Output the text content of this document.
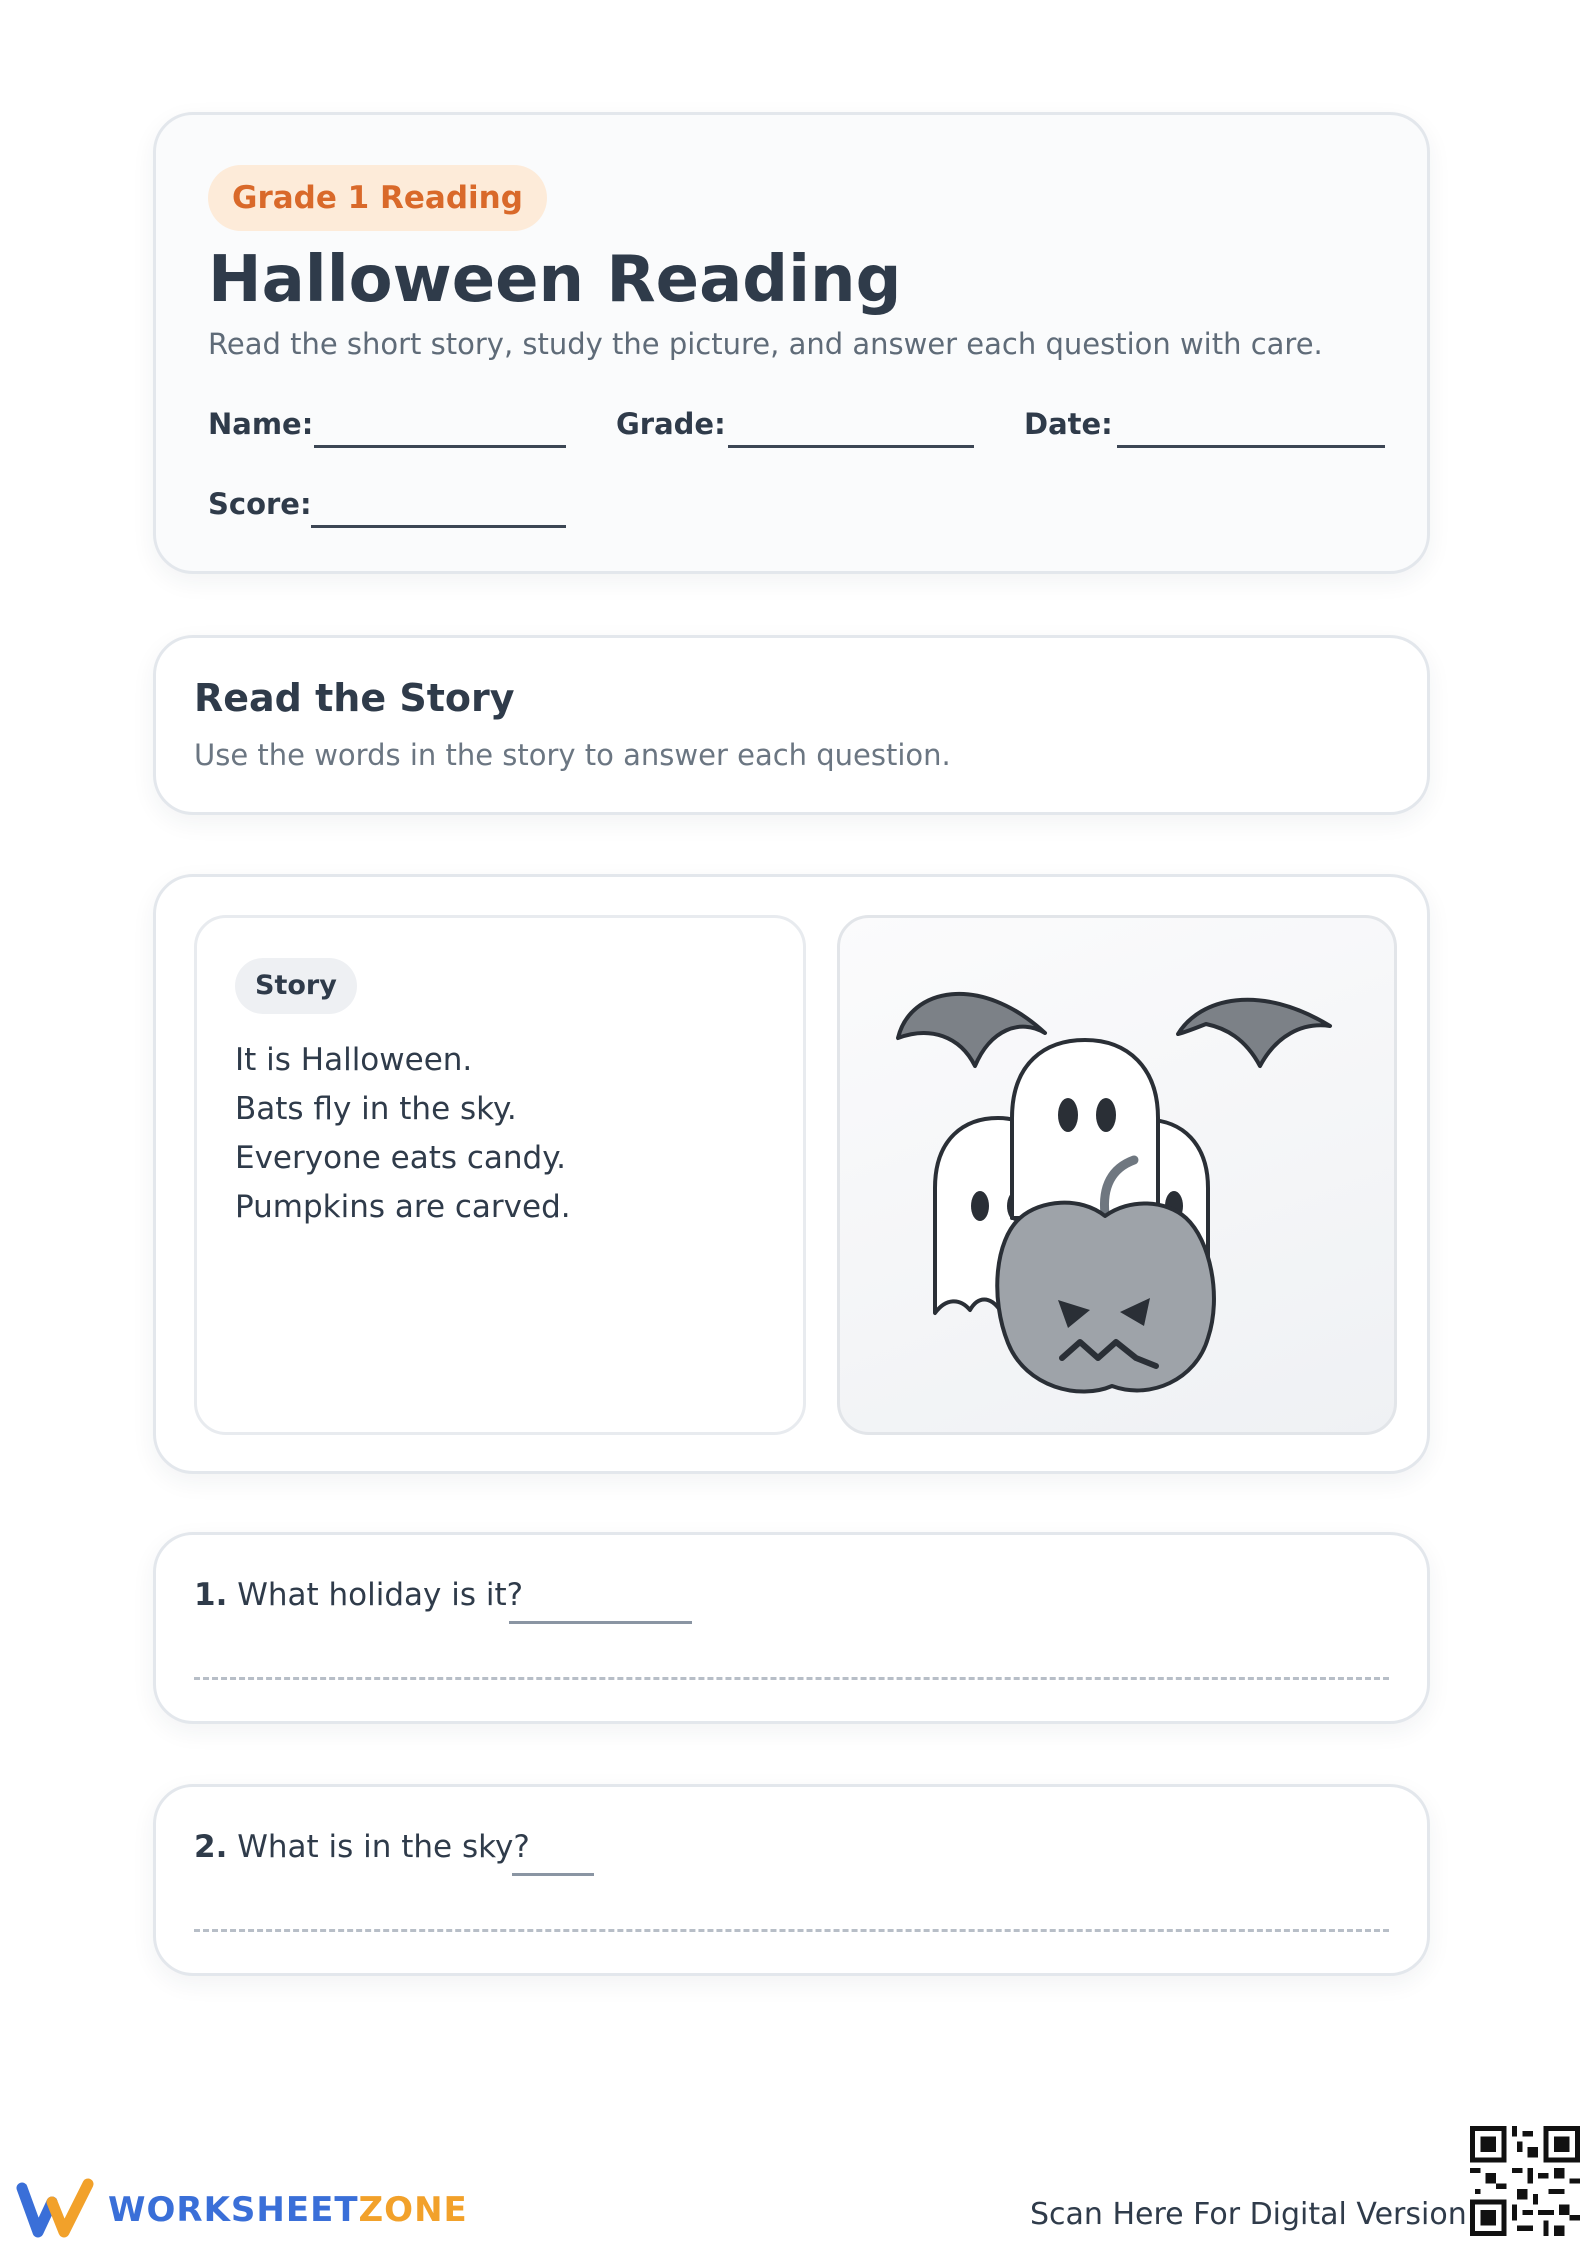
Grade 1 Reading
Halloween Reading
Read the short story, study the picture, and answer each question with care.
Name:	Grade:	Date:
Score:
Read the Story
Use the words in the story to answer each question.
Story
It is Halloween.
Bats fly in the sky.
Everyone eats candy.
Pumpkins are carved.
1. What holiday is it?
2. What is in the sky?
WORKSHEETZONE	Scan Here For Digital Version
